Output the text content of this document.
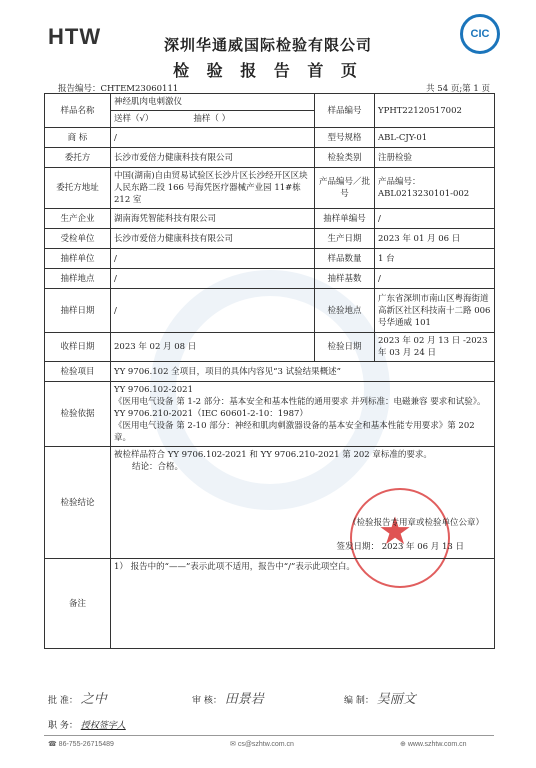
★
HTW	CIC
深圳华通威国际检验有限公司
检 验 报 告 首 页
报告编号：CHTEM23060111	共 54 页;第 1 页
样品名称	神经肌肉电刺激仪	样品编号	YPHT22120517002

	送样（√） 抽样（ ）		

商 标	/	型号规格	ABL-CJY-01
委托方	长沙市爱倍力健康科技有限公司	检验类别	注册检验
委托方地址	中国(湖南)自由贸易试验区长沙片区长沙经开区区块人民东路二段 166 号海凭医疗器械产业园 11#栋 212 室	产品编号／批号	产品编号：ABL0213230101-002
生产企业	湖南海凭智能科技有限公司	抽样单编号	/
受检单位	长沙市爱倍力健康科技有限公司	生产日期	2023 年 01 月 06 日
抽样单位	/	样品数量	1 台
抽样地点	/	抽样基数	/
抽样日期	/	检验地点	广东省深圳市南山区粤海街道高新区社区科技南十二路 006 号华通威 101
收样日期	2023 年 02 月 08 日	检验日期	2023 年 02 月 13 日 -2023 年 03 月 24 日
检验项目	YY 9706.102 全项目，项目的具体内容见“3 试验结果概述”		
检验依据	YY 9706.102-2021
《医用电气设备 第 1-2 部分：基本安全和基本性能的通用要求 并列标准：电磁兼容 要求和试验》。
YY 9706.210-2021（IEC 60601-2-10：1987）
《医用电气设备 第 2-10 部分：神经和肌肉刺激器设备的基本安全和基本性能专用要求》第 202 章。		

检验结论	被检样品符合 YY 9706.102-2021 和 YY 9706.210-2021 第 202 章标准的要求。
结论：合格。
（检验报告专用章或检验单位公章）
签发日期： 2023 年 06 月 13 日		

备注	1） 报告中的“——”表示此项不适用，报告中“/”表示此项空白。		
批 准： 之中	审 核： 田景岩	编 制： 吴丽文
职 务： 授权签字人
☎ 86-755-26715489	✉ cs@szhtw.com.cn	⊕ www.szhtw.com.cn
